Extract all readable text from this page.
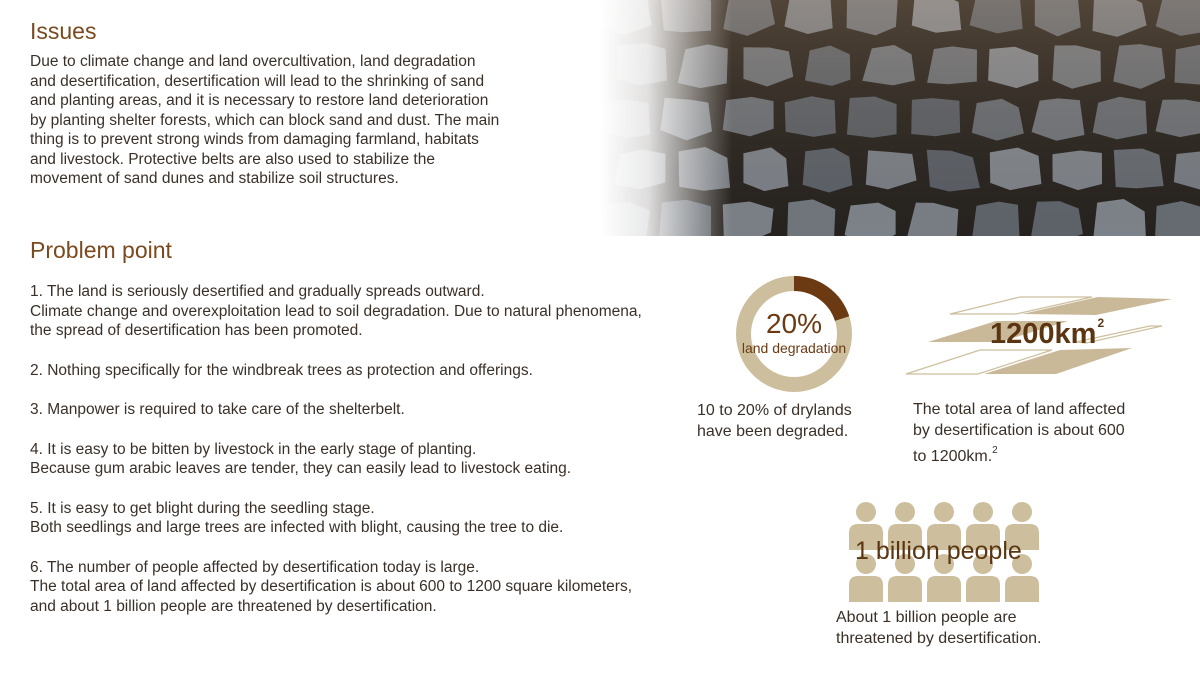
Issues
Due to climate change and land overcultivation, land degradation
and desertification, desertification will lead to the shrinking of sand
and planting areas, and it is necessary to restore land deterioration
by planting shelter forests, which can block sand and dust. The main
thing is to prevent strong winds from damaging farmland, habitats
and livestock. Protective belts are also used to stabilize the
movement of sand dunes and stabilize soil structures.
Problem point
1. The land is seriously desertified and gradually spreads outward.
Climate change and overexploitation lead to soil degradation. Due to natural phenomena, the spread of desertification has been promoted.
2. Nothing specifically for the windbreak trees as protection and offerings.
3. Manpower is required to take care of the shelterbelt.
4. It is easy to be bitten by livestock in the early stage of planting.
Because gum arabic leaves are tender, they can easily lead to livestock eating.
5. It is easy to get blight during the seedling stage.
Both seedlings and large trees are infected with blight, causing the tree to die.
6. The number of people affected by desertification today is large.
The total area of land affected by desertification is about 600 to 1200 square kilometers, and about 1 billion people are threatened by desertification.
20%
land degradation
10 to 20% of drylands
have been degraded.
$1200km^2$
The total area of land affected
by desertification is about 600
to 1200km.$^2$
1 billion people
About 1 billion people are
threatened by desertification.
